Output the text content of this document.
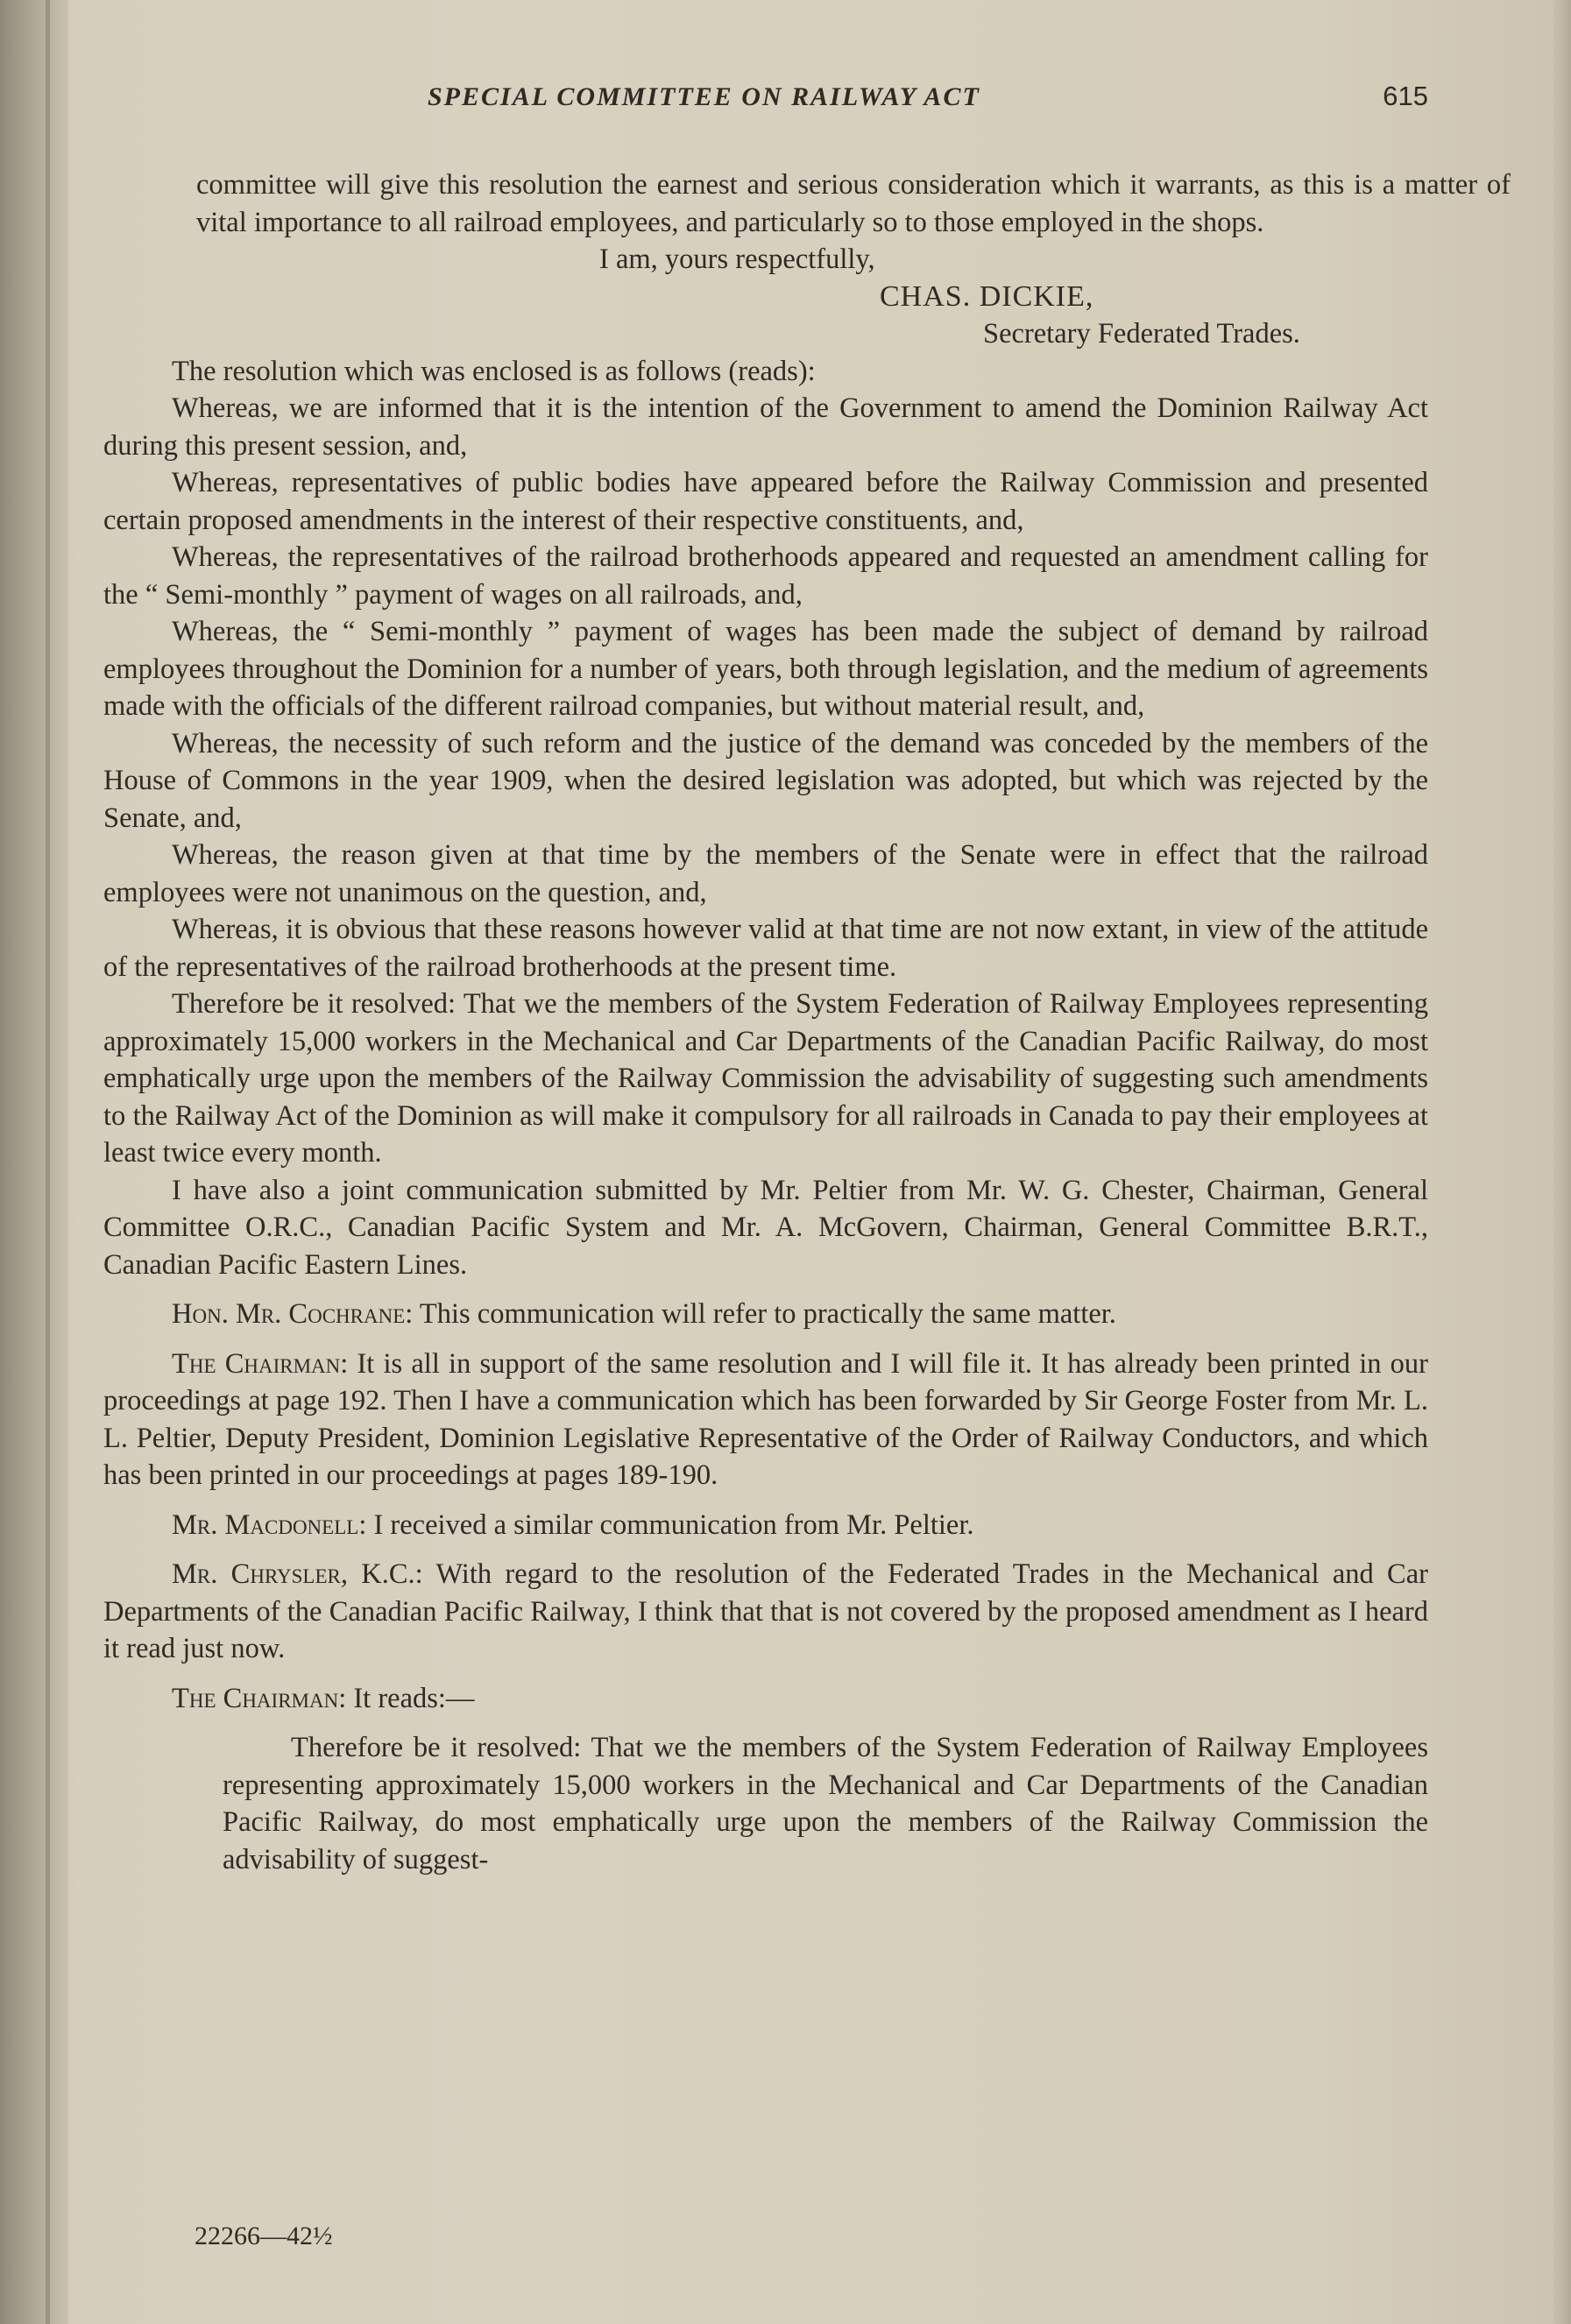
SPECIAL COMMITTEE ON RAILWAY ACT	615

committee will give this resolution the earnest and serious consideration which it warrants, as this is a matter of vital importance to all railroad employees, and particularly so to those employed in the shops.

I am, yours respectfully,

CHAS. DICKIE,

Secretary Federated Trades.

The resolution which was enclosed is as follows (reads):

Whereas, we are informed that it is the intention of the Government to amend the Dominion Railway Act during this present session, and,

Whereas, representatives of public bodies have appeared before the Railway Commission and presented certain proposed amendments in the interest of their respective constituents, and,

Whereas, the representatives of the railroad brotherhoods appeared and requested an amendment calling for the “ Semi-monthly ” payment of wages on all railroads, and,

Whereas, the “ Semi-monthly ” payment of wages has been made the subject of demand by railroad employees throughout the Dominion for a number of years, both through legislation, and the medium of agreements made with the officials of the different railroad companies, but without material result, and,

Whereas, the necessity of such reform and the justice of the demand was conceded by the members of the House of Commons in the year 1909, when the desired legislation was adopted, but which was rejected by the Senate, and,

Whereas, the reason given at that time by the members of the Senate were in effect that the railroad employees were not unanimous on the question, and,

Whereas, it is obvious that these reasons however valid at that time are not now extant, in view of the attitude of the representatives of the railroad brotherhoods at the present time.

Therefore be it resolved: That we the members of the System Federation of Railway Employees representing approximately 15,000 workers in the Mechanical and Car Departments of the Canadian Pacific Railway, do most emphatically urge upon the members of the Railway Commission the advisability of suggesting such amendments to the Railway Act of the Dominion as will make it compulsory for all railroads in Canada to pay their employees at least twice every month.

I have also a joint communication submitted by Mr. Peltier from Mr. W. G. Chester, Chairman, General Committee O.R.C., Canadian Pacific System and Mr. A. McGovern, Chairman, General Committee B.R.T., Canadian Pacific Eastern Lines.

Hon. Mr. Cochrane: This communication will refer to practically the same matter.

The Chairman: It is all in support of the same resolution and I will file it. It has already been printed in our proceedings at page 192. Then I have a communication which has been forwarded by Sir George Foster from Mr. L. L. Peltier, Deputy President, Dominion Legislative Representative of the Order of Railway Conductors, and which has been printed in our proceedings at pages 189-190.

Mr. Macdonell: I received a similar communication from Mr. Peltier.

Mr. Chrysler, K.C.: With regard to the resolution of the Federated Trades in the Mechanical and Car Departments of the Canadian Pacific Railway, I think that that is not covered by the proposed amendment as I heard it read just now.

The Chairman: It reads:—

Therefore be it resolved: That we the members of the System Federation of Railway Employees representing approximately 15,000 workers in the Mechanical and Car Departments of the Canadian Pacific Railway, do most emphatically urge upon the members of the Railway Commission the advisability of suggest-

22266—42½
